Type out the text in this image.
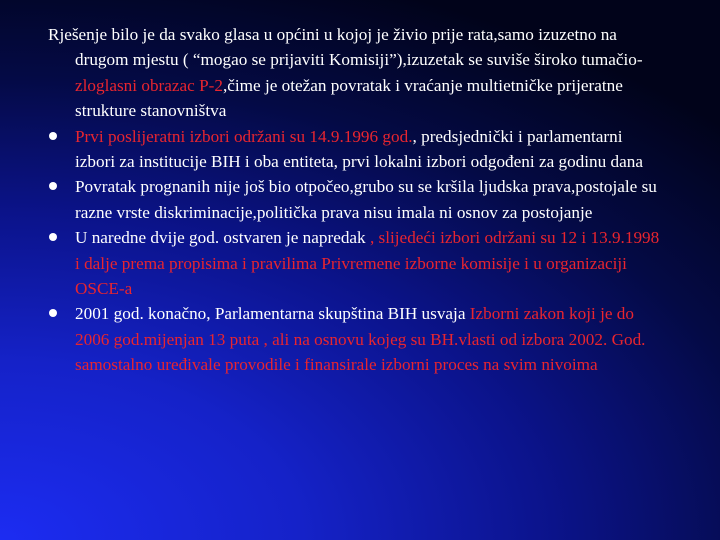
Rješenje bilo je da svako glasa u općini u kojoj je živio prije rata,samo izuzetno na drugom mjestu ( “mogao se prijaviti Komisiji”),izuzetak se suviše široko tumačio-zloglasni obrazac P-2,čime je otežan povratak i vraćanje multietničke prijeratne strukture stanovništva

Prvi poslijeratni izbori održani su 14.9.1996 god., predsjednički i parlamentarni izbori za institucije BIH i oba entiteta, prvi lokalni izbori odgođeni za godinu dana
Povratak prognanih nije još bio otpočeo,grubo su se kršila ljudska prava,postojale su razne vrste diskriminacije,politička prava nisu imala ni osnov za postojanje
U naredne dvije god. ostvaren je napredak , slijedeći izbori održani su 12 i 13.9.1998 i dalje prema propisima i pravilima Privremene izborne komisije i u organizaciji OSCE-a
2001 god. konačno, Parlamentarna skupština BIH usvaja Izborni zakon koji je do 2006 god.mijenjan 13 puta , ali na osnovu kojeg su BH.vlasti od izbora 2002. God. samostalno uređivale provodile i finansirale izborni proces na svim nivoima
